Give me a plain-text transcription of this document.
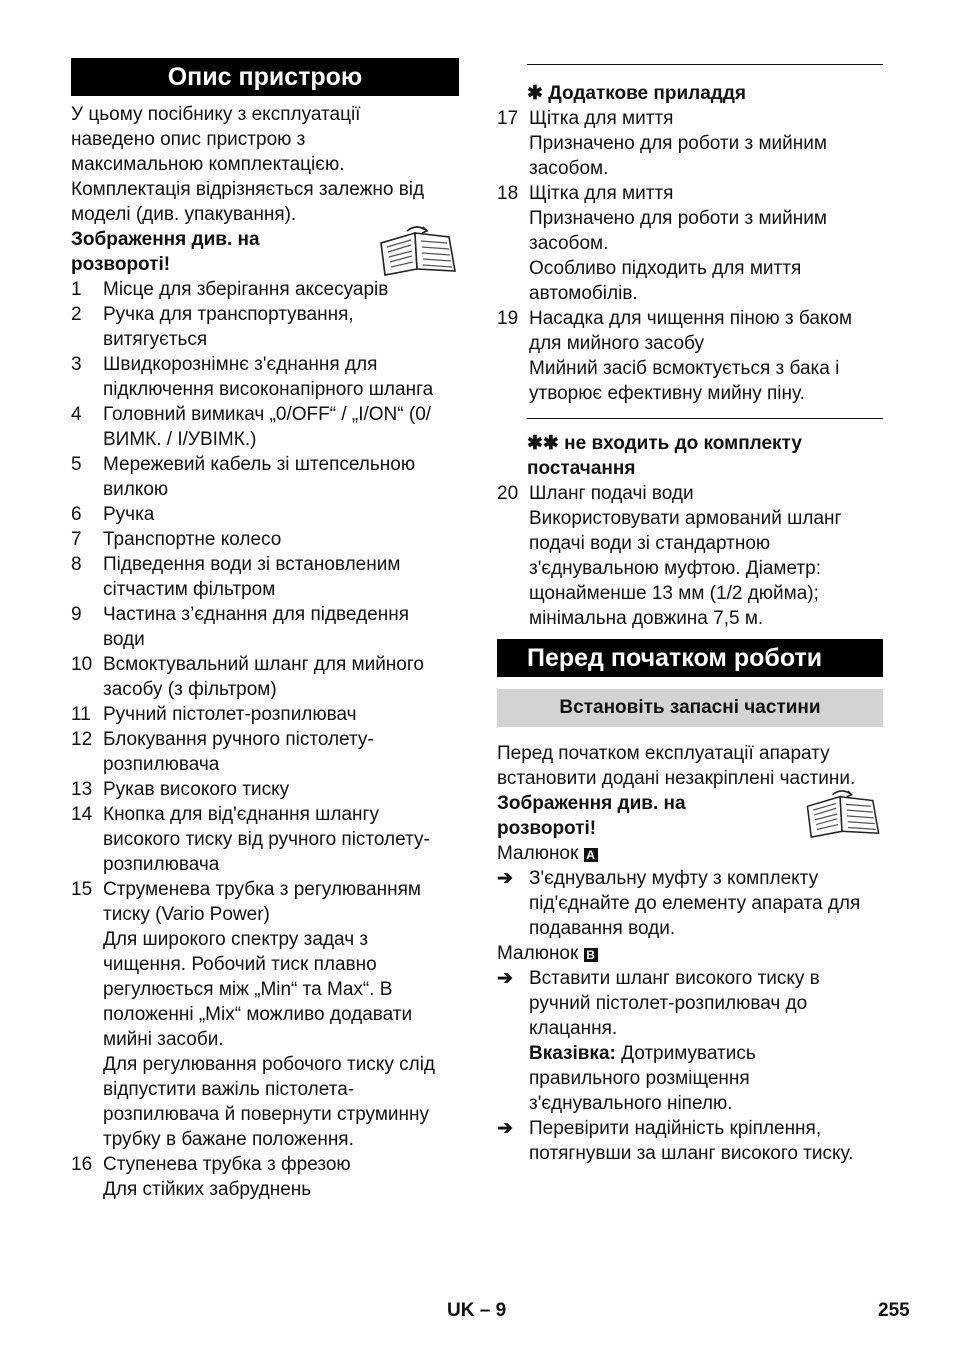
Опис пристрою

У цьому посібнику з експлуатації

наведено опис пристрою з

максимальною комплектацією.

Комплектація відрізняється залежно від

моделі (див. упакування).

Зображення див. на

розвороті!

1	Місце для зберігання аксесуарів

2	Ручка для транспортування,

витягується

3	Швидкорознімнє з'єднання для

підключення високонапірного шланга

4	Головний вимикач „0/OFF“ / „I/ON“ (0/

ВИМК. / I/УВІМК.)

5	Мережевий кабель зі штепсельною

вилкою

6	Ручка

7	Транспортне колесо

8	Підведення води зі встановленим

сітчастим фільтром

9	Частина з’єднання для підведення

води

10 Всмоктувальний шланг для мийного

засобу (з фільтром)

11 Ручний пістолет-розпилювач

12 Блокування ручного пістолету-

розпилювача

13 Рукав високого тиску

14 Кнопка для від'єднання шлангу

високого тиску від ручного пістолету-

розпилювача

15 Струменева трубка з регулюванням

тиску (Vario Power)

Для широкого спектру задач з

чищення. Робочий тиск плавно

регулюється між „Min“ та Max“. В

положенні „Mix“ можливо додавати

мийні засоби.

Для регулювання робочого тиску слід

відпустити важіль пістолета-

розпилювача й повернути струминну

трубку в бажане положення.

16 Ступенева трубка з фрезою

Для стійких забруднень

✱ Додаткове приладдя

17 Щітка для миття

Призначено для роботи з мийним

засобом.

18 Щітка для миття

Призначено для роботи з мийним

засобом.

Особливо підходить для миття

автомобілів.

19 Насадка для чищення піною з баком

для мийного засобу

Мийний засіб всмоктується з бака і

утворює ефективну мийну піну.

✱✱ не входить до комплекту

постачання

20 Шланг подачі води

Використовувати армований шланг

подачі води зі стандартною

з'єднувальною муфтою. Діаметр:

щонайменше 13 мм (1/2 дюйма);

мінімальна довжина 7,5 м.

Перед початком роботи
Встановіть запасні частини

Перед початком експлуатації апарату

встановити додані незакріплені частини.

Зображення див. на

розвороті!

Малюнок A

➔ З'єднувальну муфту з комплекту

під'єднайте до елементу апарата для

подавання води.

Малюнок B

➔ Вставити шланг високого тиску в

ручний пістолет-розпилювач до

клацання.

Вказівка: Дотримуватись

правильного розміщення

з'єднувального ніпелю.

➔ Перевірити надійність кріплення,

потягнувши за шланг високого тиску.

UK – 9	255
